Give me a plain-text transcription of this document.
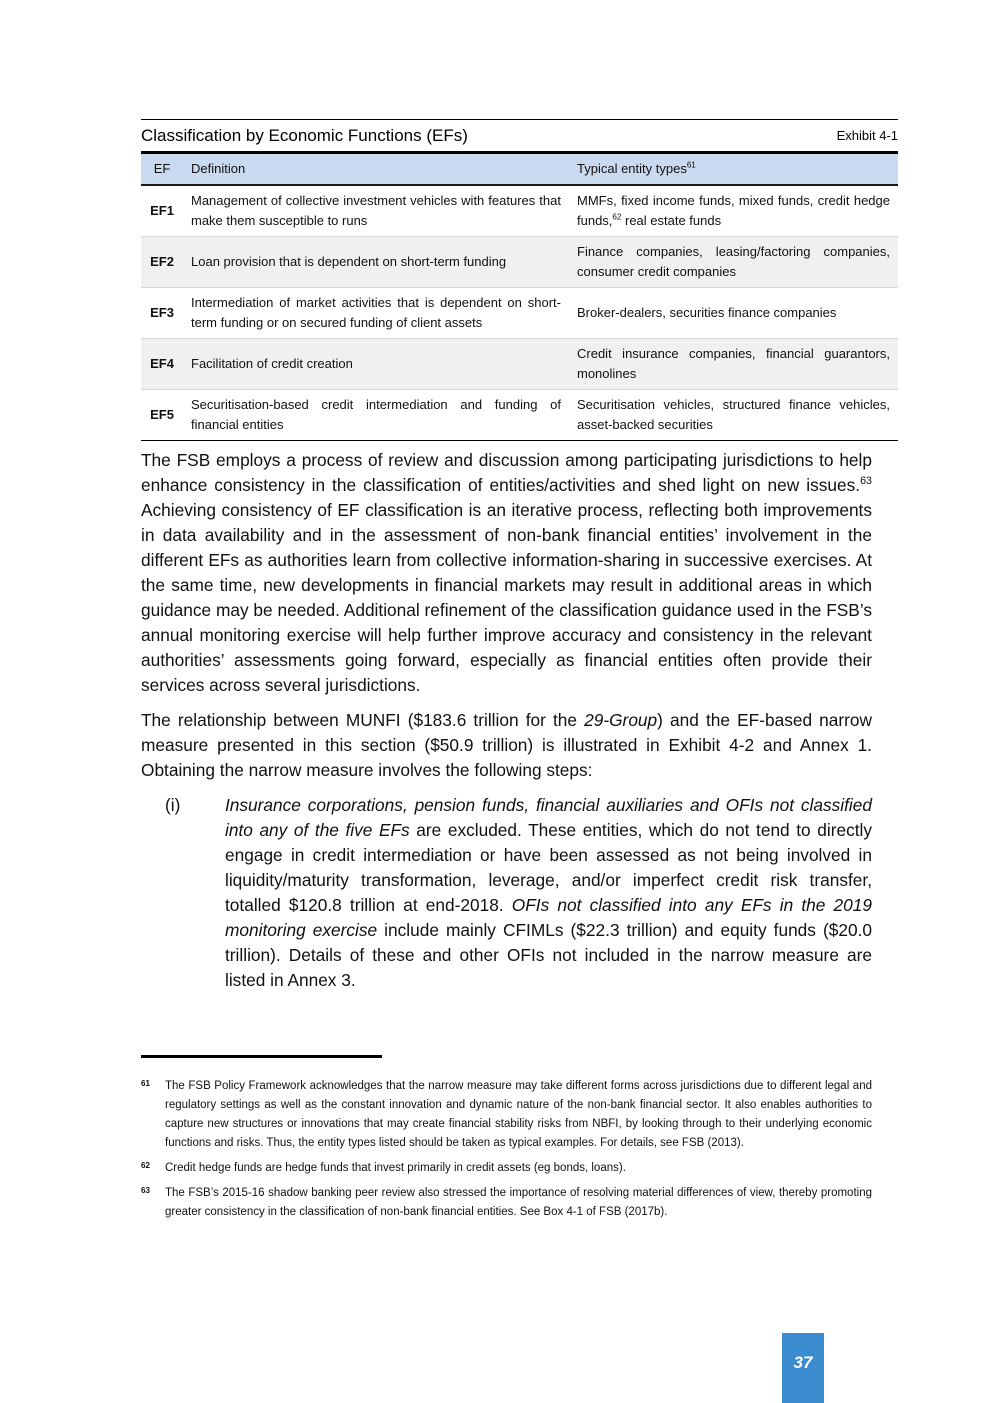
Classification by Economic Functions (EFs)	Exhibit 4-1
EF	Definition	Typical entity types$^{61}$
EF1	Management of collective investment vehicles with features that make them susceptible to runs	MMFs, fixed income funds, mixed funds, credit hedge funds,$^{62}$ real estate funds
EF2	Loan provision that is dependent on short-term funding	Finance companies, leasing/factoring companies, consumer credit companies
EF3	Intermediation of market activities that is dependent on short-term funding or on secured funding of client assets	Broker-dealers, securities finance companies
EF4	Facilitation of credit creation	Credit insurance companies, financial guarantors, monolines
EF5	Securitisation-based credit intermediation and funding of financial entities	Securitisation vehicles, structured finance vehicles, asset-backed securities

The FSB employs a process of review and discussion among participating jurisdictions to help enhance consistency in the classification of entities/activities and shed light on new issues.$^{63}$ Achieving consistency of EF classification is an iterative process, reflecting both improvements in data availability and in the assessment of non-bank financial entities’ involvement in the different EFs as authorities learn from collective information-sharing in successive exercises. At the same time, new developments in financial markets may result in additional areas in which guidance may be needed. Additional refinement of the classification guidance used in the FSB’s annual monitoring exercise will help further improve accuracy and consistency in the relevant authorities’ assessments going forward, especially as financial entities often provide their services across several jurisdictions.

The relationship between MUNFI ($183.6 trillion for the 29-Group) and the EF-based narrow measure presented in this section ($50.9 trillion) is illustrated in Exhibit 4-2 and Annex 1. Obtaining the narrow measure involves the following steps:

(i)	Insurance corporations, pension funds, financial auxiliaries and OFIs not classified into any of the five EFs are excluded. These entities, which do not tend to directly engage in credit intermediation or have been assessed as not being involved in liquidity/maturity transformation, leverage, and/or imperfect credit risk transfer, totalled $120.8 trillion at end-2018. OFIs not classified into any EFs in the 2019 monitoring exercise include mainly CFIMLs ($22.3 trillion) and equity funds ($20.0 trillion). Details of these and other OFIs not included in the narrow measure are listed in Annex 3.
61	The FSB Policy Framework acknowledges that the narrow measure may take different forms across jurisdictions due to different legal and regulatory settings as well as the constant innovation and dynamic nature of the non-bank financial sector. It also enables authorities to capture new structures or innovations that may create financial stability risks from NBFI, by looking through to their underlying economic functions and risks. Thus, the entity types listed should be taken as typical examples. For details, see FSB (2013).
62	Credit hedge funds are hedge funds that invest primarily in credit assets (eg bonds, loans).
63	The FSB’s 2015-16 shadow banking peer review also stressed the importance of resolving material differences of view, thereby promoting greater consistency in the classification of non-bank financial entities. See Box 4-1 of FSB (2017b).
37
